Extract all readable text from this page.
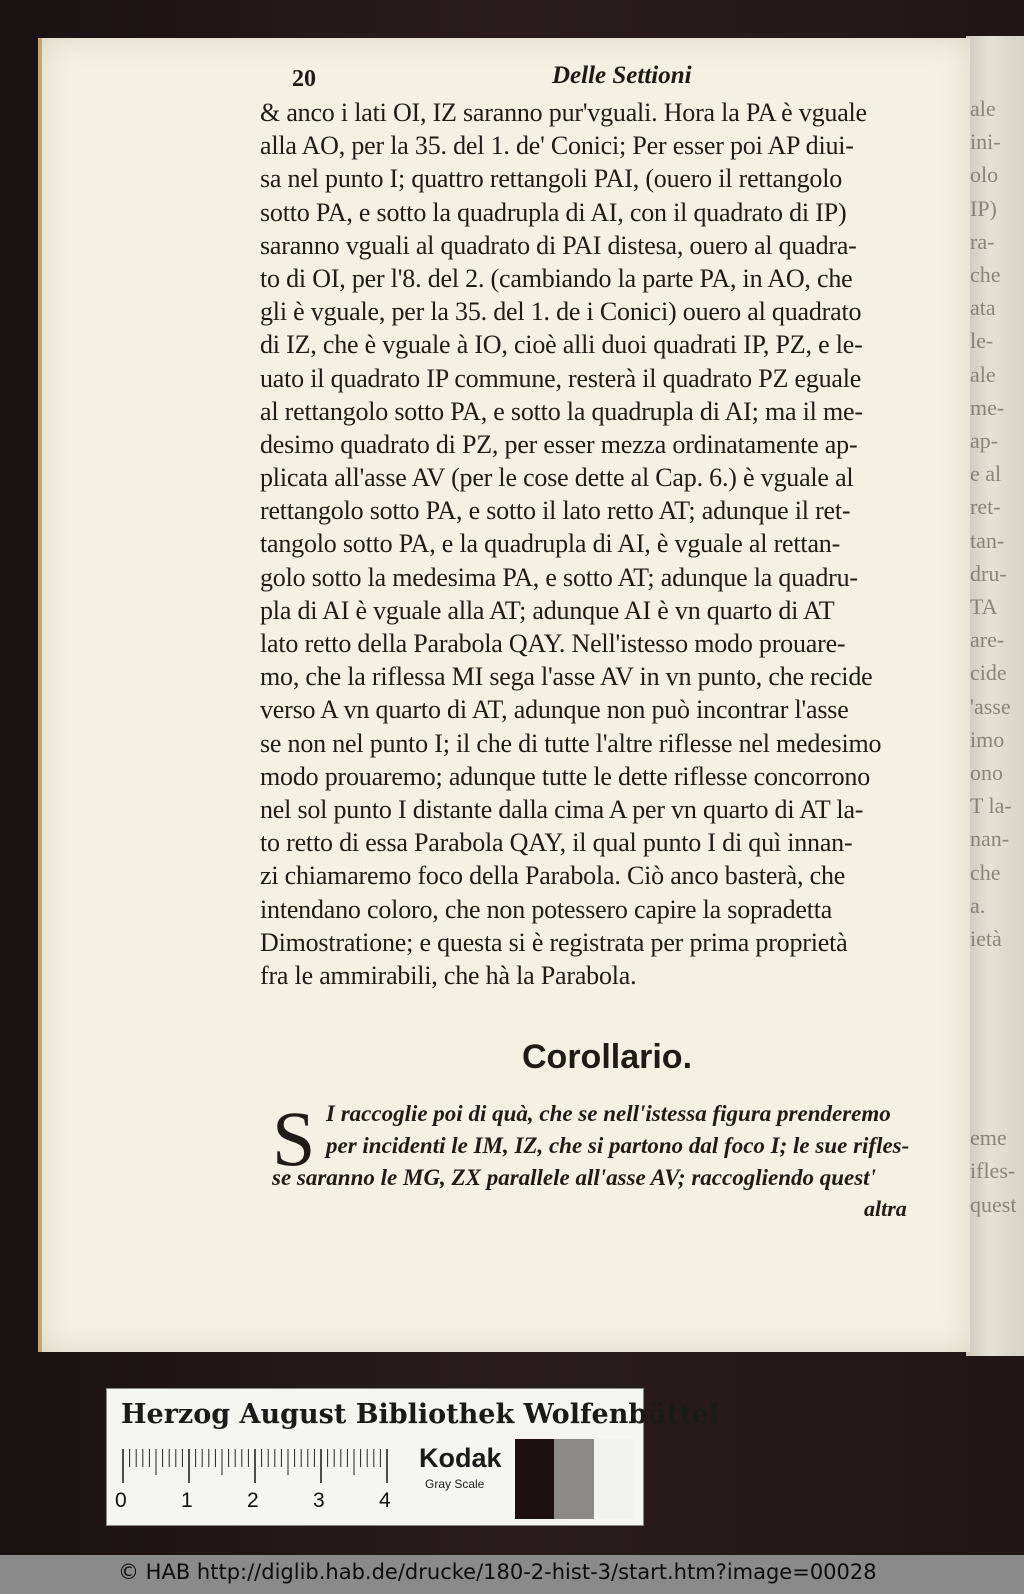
ale
ini-
olo
IP)
ra-
che
ata
le-
ale
me-
ap-
e al
ret-
tan-
dru-
TA
are-
cide
'asse
imo
ono
T la-
nan-
che
a.
ietà
eme
ifles-
quest
20	Delle Settioni
& anco i lati OI, IZ saranno pur'vguali. Hora la PA è vguale
alla AO, per la 35. del 1. de' Conici; Per esser poi AP diui-
sa nel punto I; quattro rettangoli PAI, (ouero il rettangolo
sotto PA, e sotto la quadrupla di AI, con il quadrato di IP)
saranno vguali al quadrato di PAI distesa, ouero al quadra-
to di OI, per l'8. del 2. (cambiando la parte PA, in AO, che
gli è vguale, per la 35. del 1. de i Conici) ouero al quadrato
di IZ, che è vguale à IO, cioè alli duoi quadrati IP, PZ, e le-
uato il quadrato IP commune, resterà il quadrato PZ eguale
al rettangolo sotto PA, e sotto la quadrupla di AI; ma il me-
desimo quadrato di PZ, per esser mezza ordinatamente ap-
plicata all'asse AV (per le cose dette al Cap. 6.) è vguale al
rettangolo sotto PA, e sotto il lato retto AT; adunque il ret-
tangolo sotto PA, e la quadrupla di AI, è vguale al rettan-
golo sotto la medesima PA, e sotto AT; adunque la quadru-
pla di AI è vguale alla AT; adunque AI è vn quarto di AT
lato retto della Parabola QAY. Nell'istesso modo prouare-
mo, che la riflessa MI sega l'asse AV in vn punto, che recide
verso A vn quarto di AT, adunque non può incontrar l'asse
se non nel punto I; il che di tutte l'altre riflesse nel medesimo
modo prouaremo; adunque tutte le dette riflesse concorrono
nel sol punto I distante dalla cima A per vn quarto di AT la-
to retto di essa Parabola QAY, il qual punto I di quì innan-
zi chiamaremo foco della Parabola. Ciò anco basterà, che
intendano coloro, che non potessero capire la sopradetta
Dimostratione; e questa si è registrata per prima proprietà
fra le ammirabili, che hà la Parabola.
Corollario.
S I raccoglie poi di quà, che se nell'istessa figura prenderemo
per incidenti le IM, IZ, che si partono dal foco I; le sue rifles-
se saranno le MG, ZX parallele all'asse AV; raccogliendo quest'
altra
Herzog August Bibliothek Wolfenbüttel
0	1	2	3	4
Kodak
Gray Scale
© HAB http://diglib.hab.de/drucke/180-2-hist-3/start.htm?image=00028
